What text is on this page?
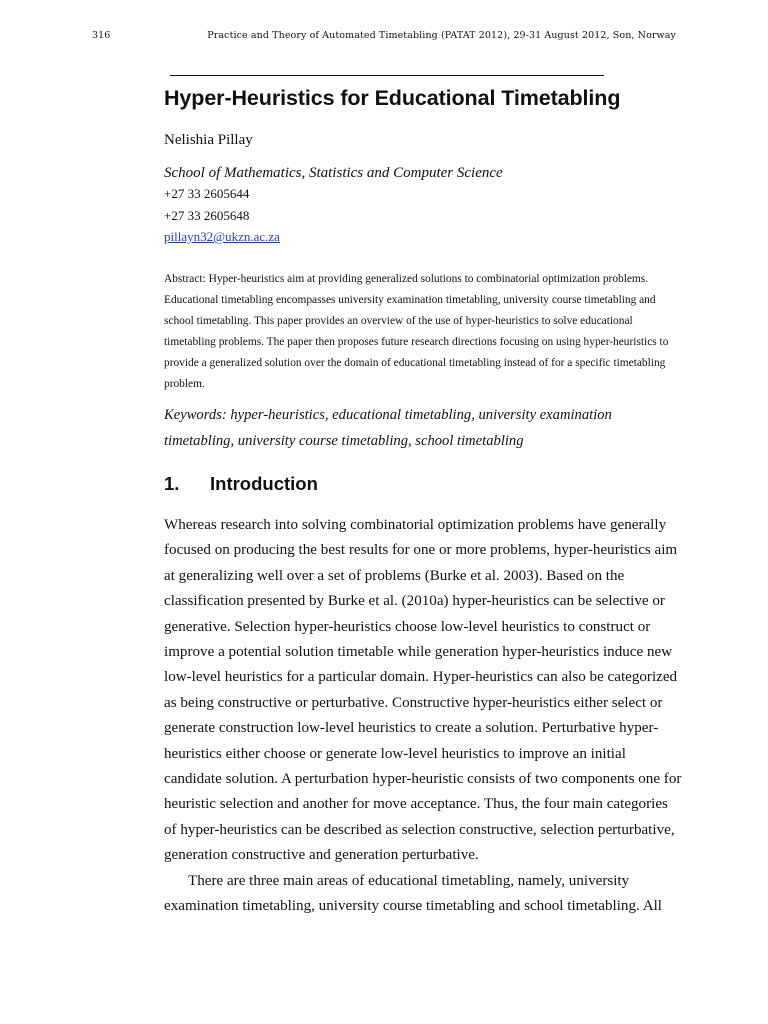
316	Practice and Theory of Automated Timetabling (PATAT 2012), 29-31 August 2012, Son, Norway
Hyper-Heuristics for Educational Timetabling
Nelishia Pillay
School of Mathematics, Statistics and Computer Science
+27 33 2605644
+27 33 2605648
pillayn32@ukzn.ac.za
Abstract: Hyper-heuristics aim at providing generalized solutions to combinatorial optimization problems. Educational timetabling encompasses university examination timetabling, university course timetabling and school timetabling. This paper provides an overview of the use of hyper-heuristics to solve educational timetabling problems. The paper then proposes future research directions focusing on using hyper-heuristics to provide a generalized solution over the domain of educational timetabling instead of for a specific timetabling problem.
Keywords: hyper-heuristics, educational timetabling, university examination timetabling, university course timetabling, school timetabling
1.	Introduction

Whereas research into solving combinatorial optimization problems have generally focused on producing the best results for one or more problems, hyper-heuristics aim at generalizing well over a set of problems (Burke et al. 2003). Based on the classification presented by Burke et al. (2010a) hyper-heuristics can be selective or generative. Selection hyper-heuristics choose low-level heuristics to construct or improve a potential solution timetable while generation hyper-heuristics induce new low-level heuristics for a particular domain. Hyper-heuristics can also be categorized as being constructive or perturbative. Constructive hyper-heuristics either select or generate construction low-level heuristics to create a solution. Perturbative hyper-heuristics either choose or generate low-level heuristics to improve an initial candidate solution. A perturbation hyper-heuristic consists of two components one for heuristic selection and another for move acceptance. Thus, the four main categories of hyper-heuristics can be described as selection constructive, selection perturbative, generation constructive and generation perturbative.

There are three main areas of educational timetabling, namely, university examination timetabling, university course timetabling and school timetabling. All
